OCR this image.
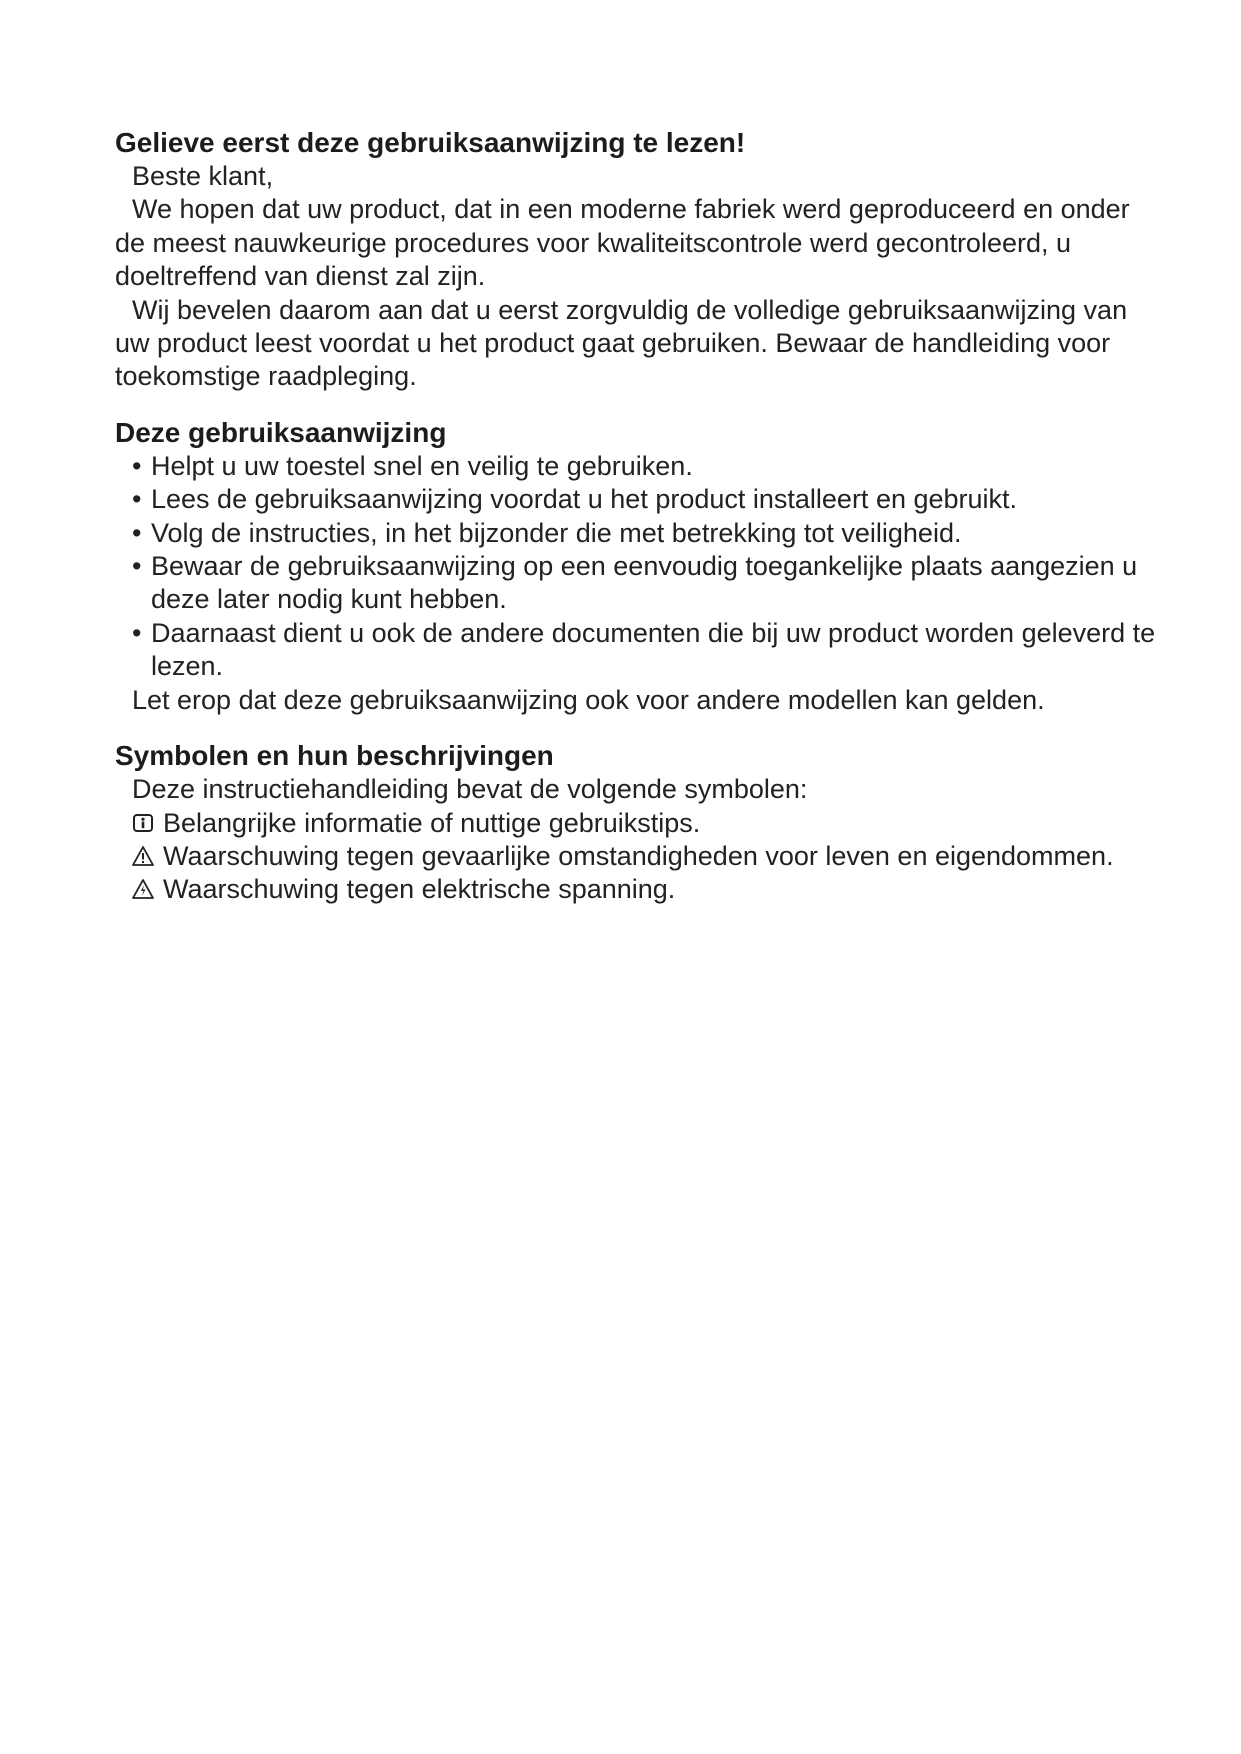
Gelieve eerst deze gebruiksaanwijzing te lezen!

Beste klant,

We hopen dat uw product, dat in een moderne fabriek werd geproduceerd en onder de meest nauwkeurige procedures voor kwaliteitscontrole werd gecontroleerd, u doeltreffend van dienst zal zijn.

Wij bevelen daarom aan dat u eerst zorgvuldig de volledige gebruiksaanwijzing van uw product leest voordat u het product gaat gebruiken. Bewaar de handleiding voor toekomstige raadpleging.

Deze gebruiksaanwijzing
• Helpt u uw toestel snel en veilig te gebruiken.
• Lees de gebruiksaanwijzing voordat u het product installeert en gebruikt.
• Volg de instructies, in het bijzonder die met betrekking tot veiligheid.
• Bewaar de gebruiksaanwijzing op een eenvoudig toegankelijke plaats aangezien u deze later nodig kunt hebben.
• Daarnaast dient u ook de andere documenten die bij uw product worden geleverd te lezen.

Let erop dat deze gebruiksaanwijzing ook voor andere modellen kan gelden.

Symbolen en hun beschrijvingen

Deze instructiehandleiding bevat de volgende symbolen:

Belangrijke informatie of nuttige gebruikstips.
Waarschuwing tegen gevaarlijke omstandigheden voor leven en eigendommen.
Waarschuwing tegen elektrische spanning.
